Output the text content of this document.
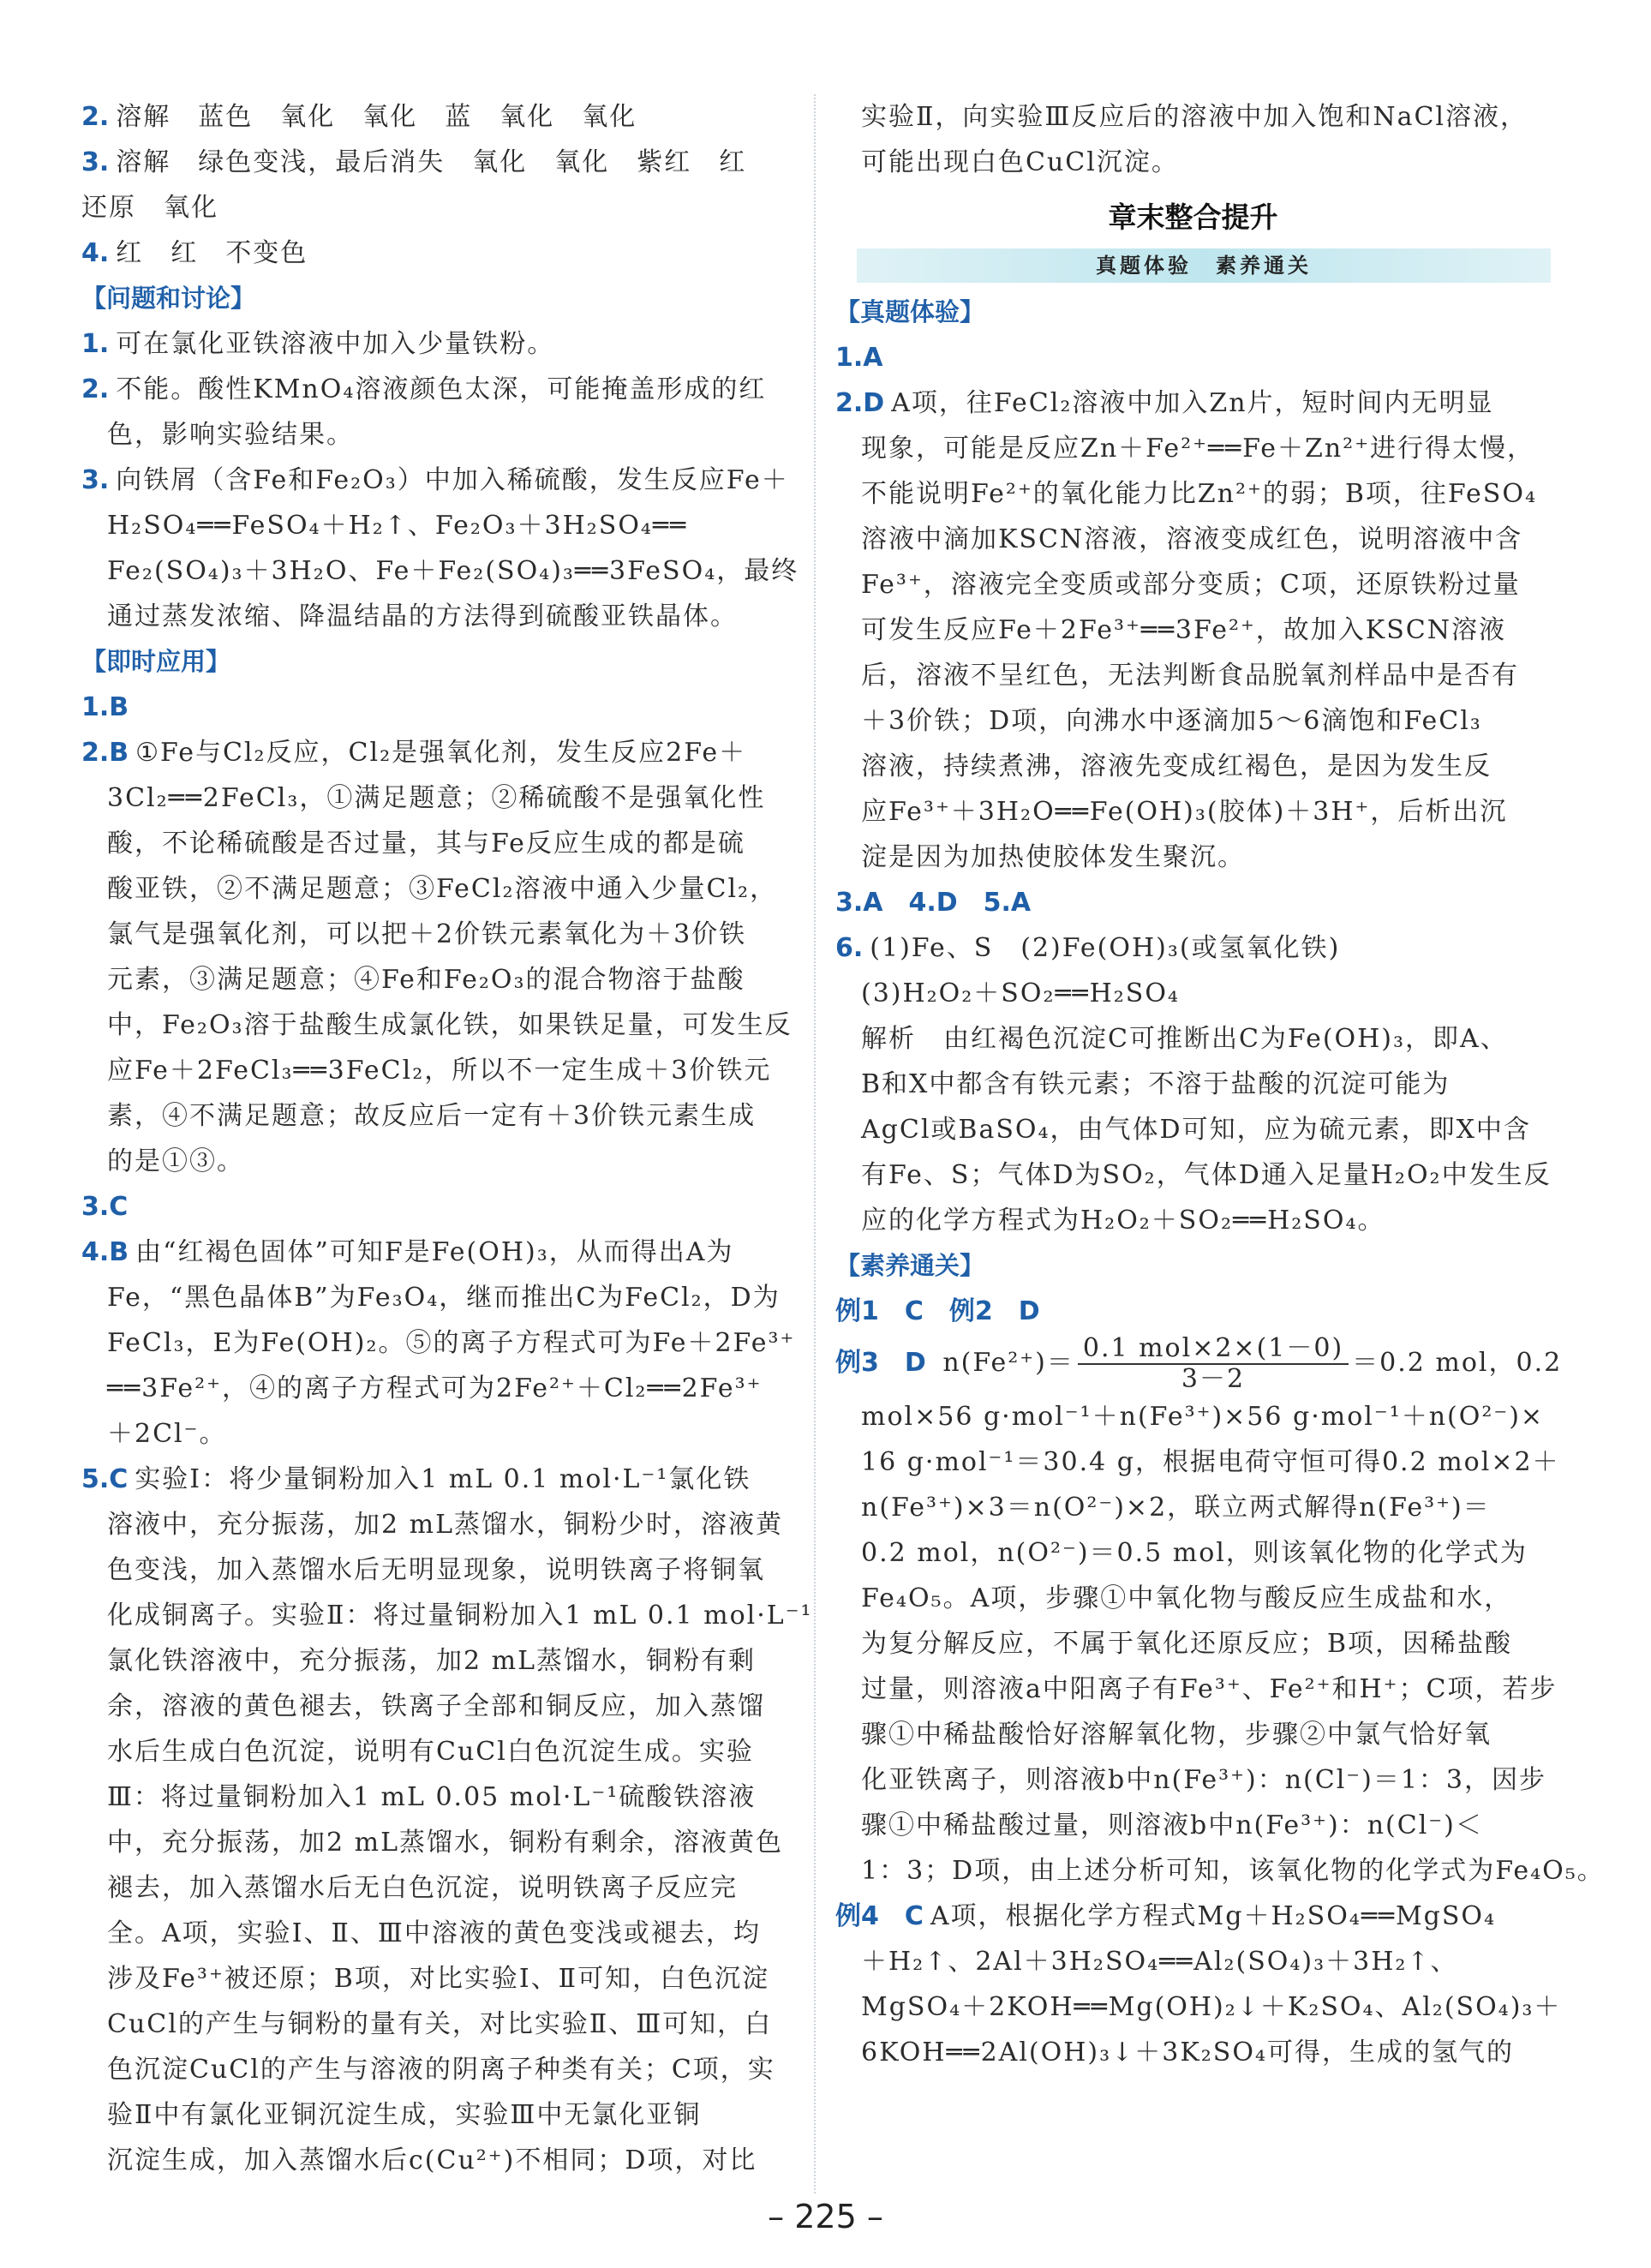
2. 溶解　蓝色　氧化　氧化　蓝　氧化　氧化
3. 溶解　绿色变浅，最后消失　氧化　氧化　紫红　红
还原　氧化
4. 红　红　不变色
【问题和讨论】
1. 可在氯化亚铁溶液中加入少量铁粉。
2. 不能。酸性KMnO₄溶液颜色太深，可能掩盖形成的红
色，影响实验结果。
3. 向铁屑（含Fe和Fe₂O₃）中加入稀硫酸，发生反应Fe＋
H₂SO₄══FeSO₄＋H₂↑、Fe₂O₃＋3H₂SO₄══
Fe₂(SO₄)₃＋3H₂O、Fe＋Fe₂(SO₄)₃══3FeSO₄，最终
通过蒸发浓缩、降温结晶的方法得到硫酸亚铁晶体。
【即时应用】
1.B
2.B ①Fe与Cl₂反应，Cl₂是强氧化剂，发生反应2Fe＋
3Cl₂══2FeCl₃，①满足题意；②稀硫酸不是强氧化性
酸，不论稀硫酸是否过量，其与Fe反应生成的都是硫
酸亚铁，②不满足题意；③FeCl₂溶液中通入少量Cl₂，
氯气是强氧化剂，可以把＋2价铁元素氧化为＋3价铁
元素，③满足题意；④Fe和Fe₂O₃的混合物溶于盐酸
中，Fe₂O₃溶于盐酸生成氯化铁，如果铁足量，可发生反
应Fe＋2FeCl₃══3FeCl₂，所以不一定生成＋3价铁元
素，④不满足题意；故反应后一定有＋3价铁元素生成
的是①③。
3.C
4.B 由“红褐色固体”可知F是Fe(OH)₃，从而得出A为
Fe，“黑色晶体B”为Fe₃O₄，继而推出C为FeCl₂，D为
FeCl₃，E为Fe(OH)₂。⑤的离子方程式可为Fe＋2Fe³⁺
══3Fe²⁺，④的离子方程式可为2Fe²⁺＋Cl₂══2Fe³⁺
＋2Cl⁻。
5.C 实验Ⅰ：将少量铜粉加入1 mL 0.1 mol·L⁻¹氯化铁
溶液中，充分振荡，加2 mL蒸馏水，铜粉少时，溶液黄
色变浅，加入蒸馏水后无明显现象，说明铁离子将铜氧
化成铜离子。实验Ⅱ：将过量铜粉加入1 mL 0.1 mol·L⁻¹
氯化铁溶液中，充分振荡，加2 mL蒸馏水，铜粉有剩
余，溶液的黄色褪去，铁离子全部和铜反应，加入蒸馏
水后生成白色沉淀，说明有CuCl白色沉淀生成。实验
Ⅲ：将过量铜粉加入1 mL 0.05 mol·L⁻¹硫酸铁溶液
中，充分振荡，加2 mL蒸馏水，铜粉有剩余，溶液黄色
褪去，加入蒸馏水后无白色沉淀，说明铁离子反应完
全。A项，实验Ⅰ、Ⅱ、Ⅲ中溶液的黄色变浅或褪去，均
涉及Fe³⁺被还原；B项，对比实验Ⅰ、Ⅱ可知，白色沉淀
CuCl的产生与铜粉的量有关，对比实验Ⅱ、Ⅲ可知，白
色沉淀CuCl的产生与溶液的阴离子种类有关；C项，实
验Ⅱ中有氯化亚铜沉淀生成，实验Ⅲ中无氯化亚铜
沉淀生成，加入蒸馏水后c(Cu²⁺)不相同；D项，对比
实验Ⅱ，向实验Ⅲ反应后的溶液中加入饱和NaCl溶液，
可能出现白色CuCl沉淀。
章末整合提升
真题体验　素养通关
【真题体验】
1.A
2.D A项，往FeCl₂溶液中加入Zn片，短时间内无明显
现象，可能是反应Zn＋Fe²⁺══Fe＋Zn²⁺进行得太慢，
不能说明Fe²⁺的氧化能力比Zn²⁺的弱；B项，往FeSO₄
溶液中滴加KSCN溶液，溶液变成红色，说明溶液中含
Fe³⁺，溶液完全变质或部分变质；C项，还原铁粉过量
可发生反应Fe＋2Fe³⁺══3Fe²⁺，故加入KSCN溶液
后，溶液不呈红色，无法判断食品脱氧剂样品中是否有
＋3价铁；D项，向沸水中逐滴加5～6滴饱和FeCl₃
溶液，持续煮沸，溶液先变成红褐色，是因为发生反
应Fe³⁺＋3H₂O══Fe(OH)₃(胶体)＋3H⁺，后析出沉
淀是因为加热使胶体发生聚沉。
3.A　4.D　5.A
6. (1)Fe、S　(2)Fe(OH)₃(或氢氧化铁)
(3)H₂O₂＋SO₂══H₂SO₄
解析　由红褐色沉淀C可推断出C为Fe(OH)₃，即A、
B和X中都含有铁元素；不溶于盐酸的沉淀可能为
AgCl或BaSO₄，由气体D可知，应为硫元素，即X中含
有Fe、S；气体D为SO₂，气体D通入足量H₂O₂中发生反
应的化学方程式为H₂O₂＋SO₂══H₂SO₄。
【素养通关】
例1　C　例2　D
例3　D $n(Fe^{2+})= \frac{\text{0.1 mol×2×(1－0)}}{3-2} =0.2$ mol，0.2
mol×56 g·mol⁻¹＋n(Fe³⁺)×56 g·mol⁻¹＋n(O²⁻)×
16 g·mol⁻¹＝30.4 g，根据电荷守恒可得0.2 mol×2＋
n(Fe³⁺)×3＝n(O²⁻)×2，联立两式解得n(Fe³⁺)＝
0.2 mol，n(O²⁻)＝0.5 mol，则该氧化物的化学式为
Fe₄O₅。A项，步骤①中氧化物与酸反应生成盐和水，
为复分解反应，不属于氧化还原反应；B项，因稀盐酸
过量，则溶液a中阳离子有Fe³⁺、Fe²⁺和H⁺；C项，若步
骤①中稀盐酸恰好溶解氧化物，步骤②中氯气恰好氧
化亚铁离子，则溶液b中n(Fe³⁺)：n(Cl⁻)＝1：3，因步
骤①中稀盐酸过量，则溶液b中n(Fe³⁺)：n(Cl⁻)＜
1：3；D项，由上述分析可知，该氧化物的化学式为Fe₄O₅。
例4　C A项，根据化学方程式Mg＋H₂SO₄══MgSO₄
＋H₂↑、2Al＋3H₂SO₄══Al₂(SO₄)₃＋3H₂↑、
MgSO₄＋2KOH══Mg(OH)₂↓＋K₂SO₄、Al₂(SO₄)₃＋
6KOH══2Al(OH)₃↓＋3K₂SO₄可得，生成的氢气的
– 225 –
